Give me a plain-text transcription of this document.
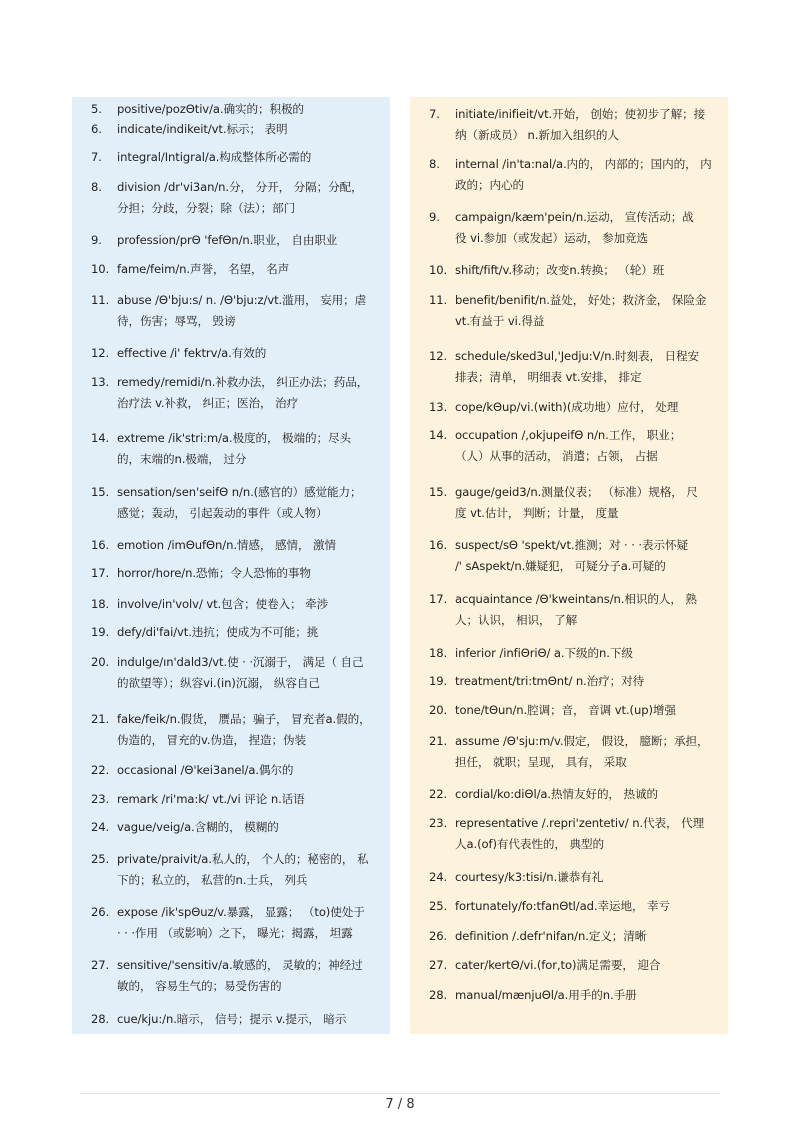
5. positive/pozΘtiv/a.确实的；积极的
6. indicate/indikeit/vt.标示； 表明
7. integral/Intigral/a.构成整体所必需的
8. division /dr'vi3an/n.分， 分开， 分隔；分配，
分担；分歧，分裂；除（法）；部门
9. profession/prΘ 'fefΘn/n.职业， 自由职业
10. fame/feim/n.声誉， 名望， 名声
11. abuse /Θ'bju:s/ n. /Θ'bju:z/vt.滥用， 妄用；虐
待，伤害；辱骂， 毁谤
12. effective /i' fektrv/a.有效的
13. remedy/remidi/n.补救办法， 纠正办法；药品，
治疗法 v.补救， 纠正；医治， 治疗
14. extreme /ik'stri:m/a.极度的， 极端的；尽头
的，末端的n.极端， 过分
15. sensation/sen'seifΘ n/n.(感官的）感觉能力；
感觉；轰动， 引起轰动的事件（或人物）
16. emotion /imΘufΘn/n.情感， 感情， 激情
17. horror/hore/n.恐怖；令人恐怖的事物
18. involve/in'volv/ vt.包含；使卷入； 牵涉
19. defy/di'fai/vt.违抗；使成为不可能；挑
20. indulge/ın'dald3/vt.使 · ·沉溺于， 满足（ 自己
的欲望等）；纵容vi.(in)沉溺， 纵容自己
21. fake/feik/n.假货， 赝品；骗子， 冒充者a.假的，
伪造的， 冒充的v.伪造， 捏造；伪装
22. occasional /Θ'kei3anel/a.偶尔的
23. remark /ri'ma:k/ vt./vi 评论 n.话语
24. vague/veig/a.含糊的， 模糊的
25. private/praivit/a.私人的， 个人的；秘密的， 私
下的；私立的， 私营的n.士兵， 列兵
26. expose /ik'spΘuz/v.暴露， 显露； （to)使处于
· · ·作用 （或影响）之下， 曝光；揭露， 坦露
27. sensitive/'sensitiv/a.敏感的， 灵敏的；神经过
敏的， 容易生气的；易受伤害的
28. cue/kju:/n.暗示， 信号；提示 v.提示， 暗示
7. initiate/inifieit/vt.开始， 创始；使初步了解；接
纳（新成员） n.新加入组织的人
8. internal /in'ta:nal/a.内的， 内部的；国内的， 内
政的；内心的
9. campaign/kæm'pein/n.运动， 宣传活动；战
役 vi.参加（或发起）运动， 参加竞选
10. shift/fift/v.移动；改变n.转换； （轮）班
11. benefit/benifit/n.益处， 好处；救济金， 保险金
vt.有益于 vi.得益
12. schedule/sked3ul,'Jedju:V/n.时刻表， 日程安
排表；清单， 明细表 vt.安排， 排定
13. cope/kΘup/vi.(with)(成功地）应付， 处理
14. occupation /,okjupeifΘ n/n.工作， 职业；
（人）从事的活动， 消遣；占领， 占据
15. gauge/geid3/n.测量仪表； （标准）规格， 尺
度 vt.估计， 判断；计量， 度量
16. suspect/sΘ 'spekt/vt.推测；对 · · ·表示怀疑
/' sAspekt/n.嫌疑犯， 可疑分子a.可疑的
17. acquaintance /Θ'kweintans/n.相识的人， 熟
人；认识， 相识， 了解
18. inferior /infiΘriΘ/ a.下级的n.下级
19. treatment/tri:tmΘnt/ n.治疗；对待
20. tone/tΘun/n.腔调；音， 音调 vt.(up)增强
21. assume /Θ'sju:m/v.假定， 假设， 臆断；承担，
担任， 就职；呈现， 具有， 采取
22. cordial/ko:diΘl/a.热情友好的， 热诚的
23. representative /.repri'zentetiv/ n.代表， 代理
人a.(of)有代表性的， 典型的
24. courtesy/k3:tisi/n.谦恭有礼
25. fortunately/fo:tfanΘtl/ad.幸运地， 幸亏
26. definition /.defr'nifan/n.定义；清晰
27. cater/kertΘ/vi.(for,to)满足需要， 迎合
28. manual/mænjuΘl/a.用手的n.手册
7 / 8
